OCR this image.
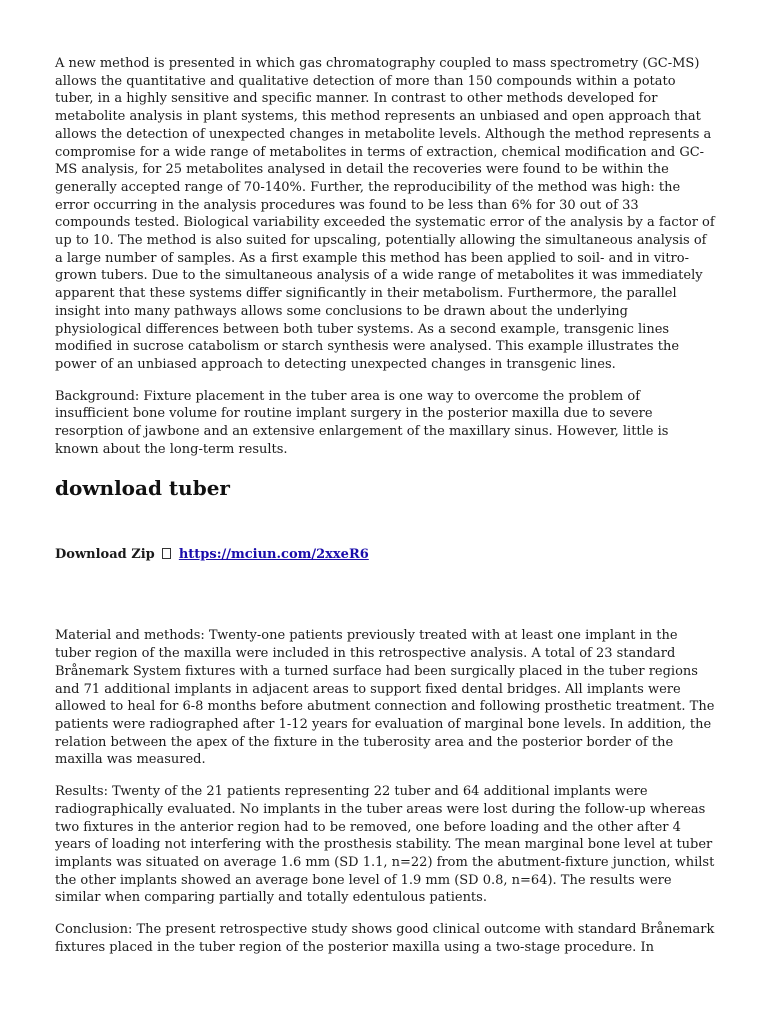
A new method is presented in which gas chromatography coupled to mass spectrometry (GC-MS) allows the quantitative and qualitative detection of more than 150 compounds within a potato tuber, in a highly sensitive and specific manner. In contrast to other methods developed for metabolite analysis in plant systems, this method represents an unbiased and open approach that allows the detection of unexpected changes in metabolite levels. Although the method represents a compromise for a wide range of metabolites in terms of extraction, chemical modification and GC-MS analysis, for 25 metabolites analysed in detail the recoveries were found to be within the generally accepted range of 70-140%. Further, the reproducibility of the method was high: the error occurring in the analysis procedures was found to be less than 6% for 30 out of 33 compounds tested. Biological variability exceeded the systematic error of the analysis by a factor of up to 10. The method is also suited for upscaling, potentially allowing the simultaneous analysis of a large number of samples. As a first example this method has been applied to soil- and in vitro-grown tubers. Due to the simultaneous analysis of a wide range of metabolites it was immediately apparent that these systems differ significantly in their metabolism. Furthermore, the parallel insight into many pathways allows some conclusions to be drawn about the underlying physiological differences between both tuber systems. As a second example, transgenic lines modified in sucrose catabolism or starch synthesis were analysed. This example illustrates the power of an unbiased approach to detecting unexpected changes in transgenic lines.

Background: Fixture placement in the tuber area is one way to overcome the problem of insufficient bone volume for routine implant surgery in the posterior maxilla due to severe resorption of jawbone and an extensive enlargement of the maxillary sinus. However, little is known about the long-term results.

download tuber
Download Zip https://mciun.com/2xxeR6

Material and methods: Twenty-one patients previously treated with at least one implant in the tuber region of the maxilla were included in this retrospective analysis. A total of 23 standard Brånemark System fixtures with a turned surface had been surgically placed in the tuber regions and 71 additional implants in adjacent areas to support fixed dental bridges. All implants were allowed to heal for 6-8 months before abutment connection and following prosthetic treatment. The patients were radiographed after 1-12 years for evaluation of marginal bone levels. In addition, the relation between the apex of the fixture in the tuberosity area and the posterior border of the maxilla was measured.

Results: Twenty of the 21 patients representing 22 tuber and 64 additional implants were radiographically evaluated. No implants in the tuber areas were lost during the follow-up whereas two fixtures in the anterior region had to be removed, one before loading and the other after 4 years of loading not interfering with the prosthesis stability. The mean marginal bone level at tuber implants was situated on average 1.6 mm (SD 1.1, n=22) from the abutment-fixture junction, whilst the other implants showed an average bone level of 1.9 mm (SD 0.8, n=64). The results were similar when comparing partially and totally edentulous patients.

Conclusion: The present retrospective study shows good clinical outcome with standard Brånemark fixtures placed in the tuber region of the posterior maxilla using a two-stage procedure. In
